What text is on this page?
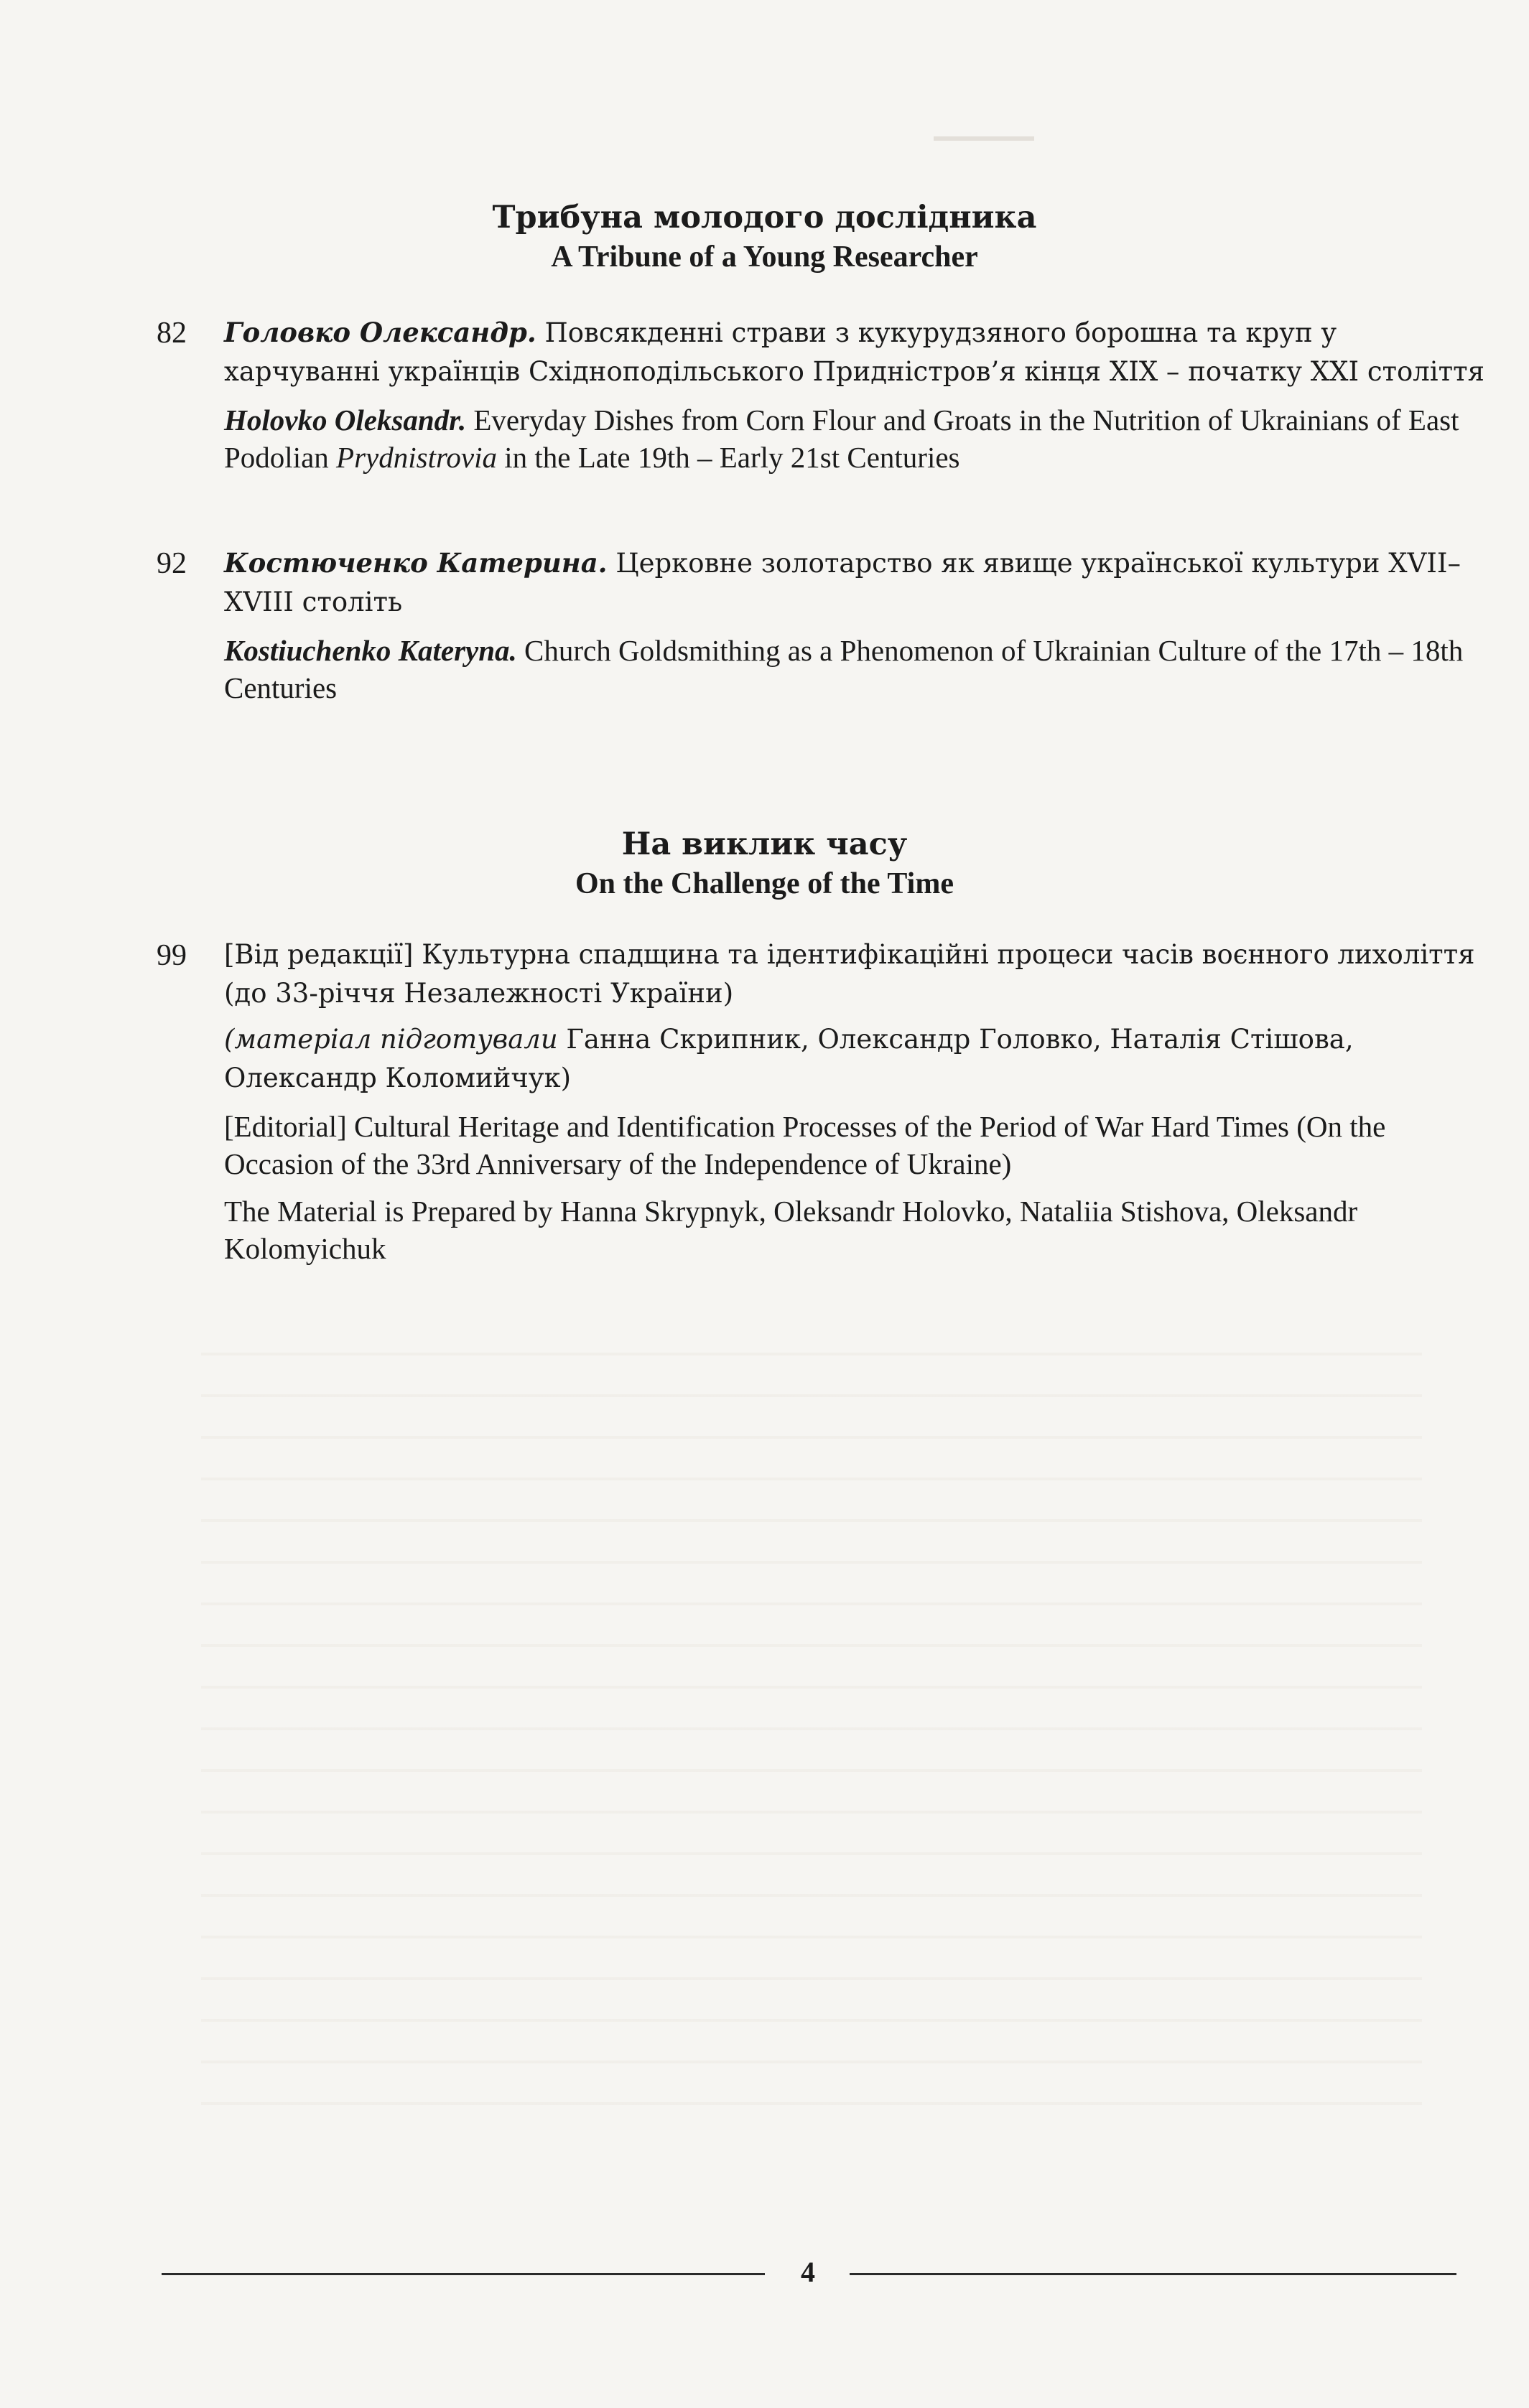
Трибуна молодого дослідника
A Tribune of a Young Researcher
82 Головко Олександр. Повсякденні страви з кукурудзяного борошна та круп у харчуванні українців Східноподільського Придністров’я кінця XIX – початку XXI століття

Holovko Oleksandr. Everyday Dishes from Corn Flour and Groats in the Nutrition of Ukrainians of East Podolian Prydnistrovia in the Late 19th – Early 21st Centuries

92 Костюченко Катерина. Церковне золотарство як явище української культури XVII–XVIII століть

Kostiuchenko Kateryna. Church Goldsmithing as a Phenomenon of Ukrainian Culture of the 17th – 18th Centuries

На виклик часу
On the Challenge of the Time
99 [Від редакції] Культурна спадщина та ідентифікаційні процеси часів воєнного лихоліття (до 33-річчя Незалежності України)

(матеріал підготували Ганна Скрипник, Олександр Головко, Наталія Стішова, Олександр Коломийчук)

[Editorial] Cultural Heritage and Identification Processes of the Period of War Hard Times (On the Occasion of the 33rd Anniversary of the Independence of Ukraine)

The Material is Prepared by Hanna Skrypnyk, Oleksandr Holovko, Nataliia Stishova, Oleksandr Kolomyichuk

4
